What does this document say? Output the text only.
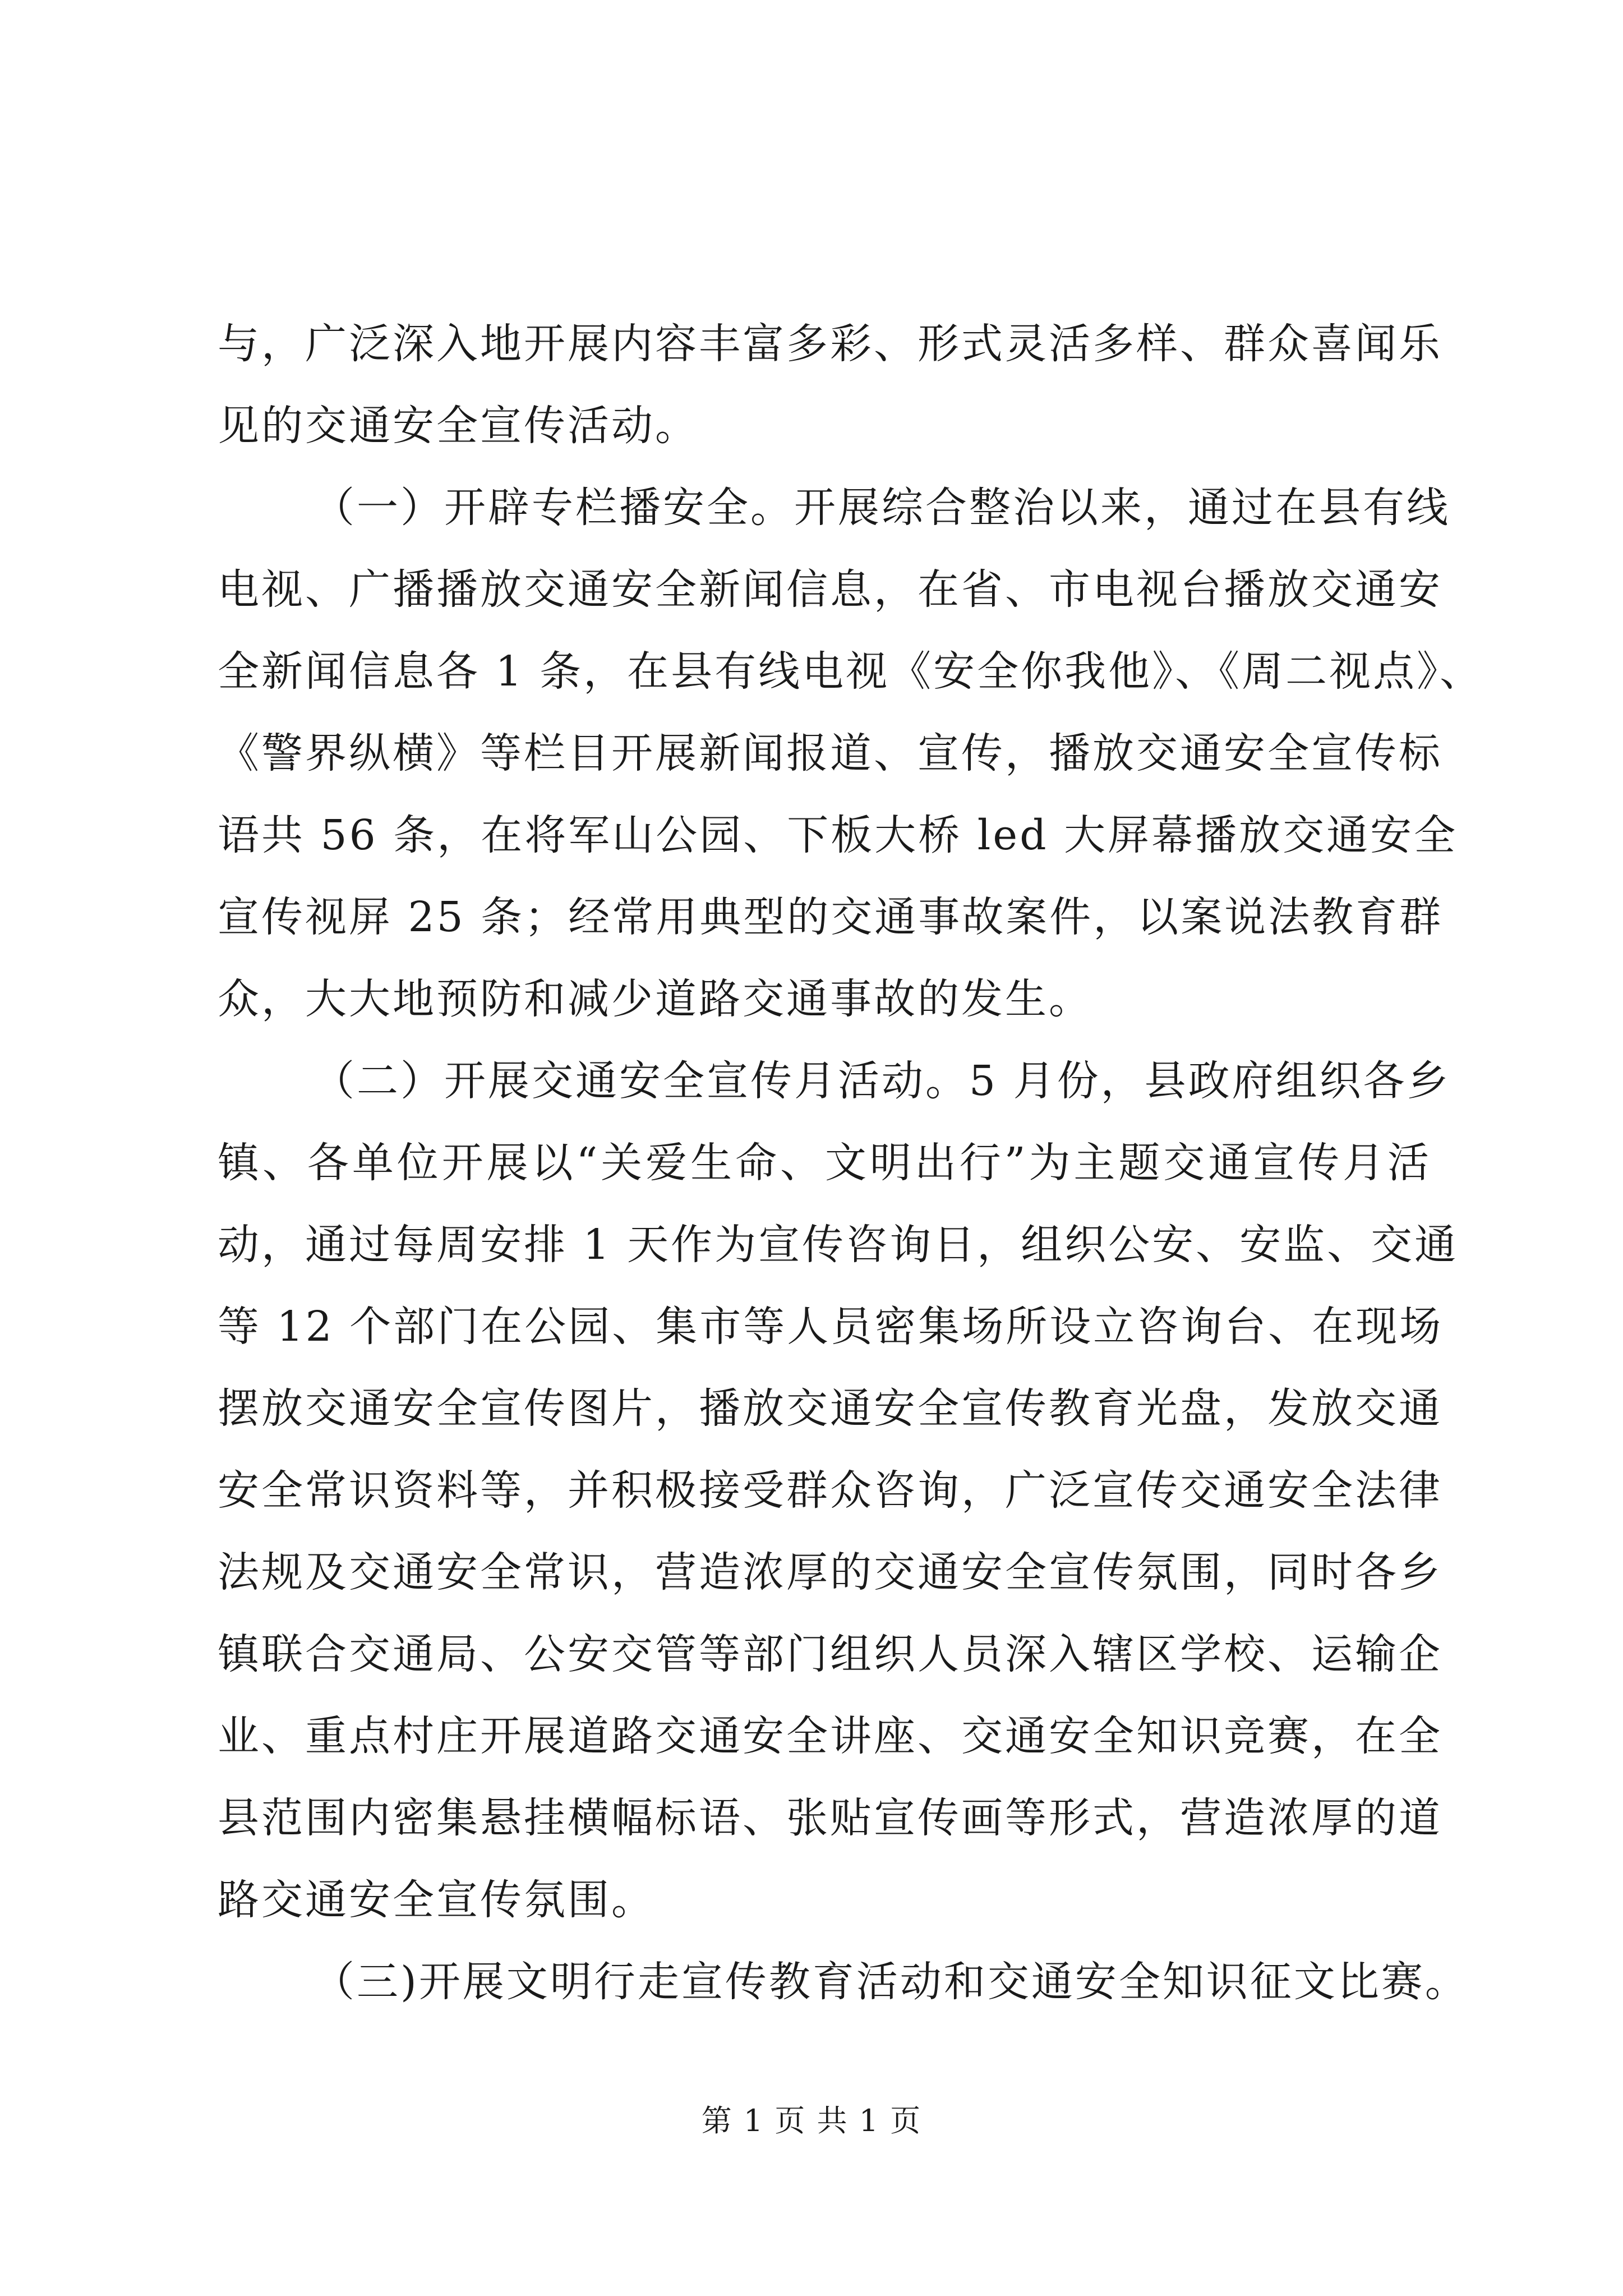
与，广泛深入地开展内容丰富多彩、形式灵活多样、群众喜闻乐
见的交通安全宣传活动。
（一）开辟专栏播安全。开展综合整治以来，通过在县有线
电视、广播播放交通安全新闻信息，在省、市电视台播放交通安
全新闻信息各 1 条，在县有线电视《安全你我他》、《周二视点》、
《警界纵横》等栏目开展新闻报道、宣传，播放交通安全宣传标
语共 56 条，在将军山公园、下板大桥 led 大屏幕播放交通安全
宣传视屏 25 条；经常用典型的交通事故案件，以案说法教育群
众，大大地预防和减少道路交通事故的发生。
（二）开展交通安全宣传月活动。5 月份，县政府组织各乡
镇、各单位开展以“关爱生命、文明出行”为主题交通宣传月活
动，通过每周安排 1 天作为宣传咨询日，组织公安、安监、交通
等 12 个部门在公园、集市等人员密集场所设立咨询台、在现场
摆放交通安全宣传图片，播放交通安全宣传教育光盘，发放交通
安全常识资料等，并积极接受群众咨询，广泛宣传交通安全法律
法规及交通安全常识，营造浓厚的交通安全宣传氛围，同时各乡
镇联合交通局、公安交管等部门组织人员深入辖区学校、运输企
业、重点村庄开展道路交通安全讲座、交通安全知识竞赛，在全
县范围内密集悬挂横幅标语、张贴宣传画等形式，营造浓厚的道
路交通安全宣传氛围。
（三)开展文明行走宣传教育活动和交通安全知识征文比赛。
第 1 页 共 1 页
